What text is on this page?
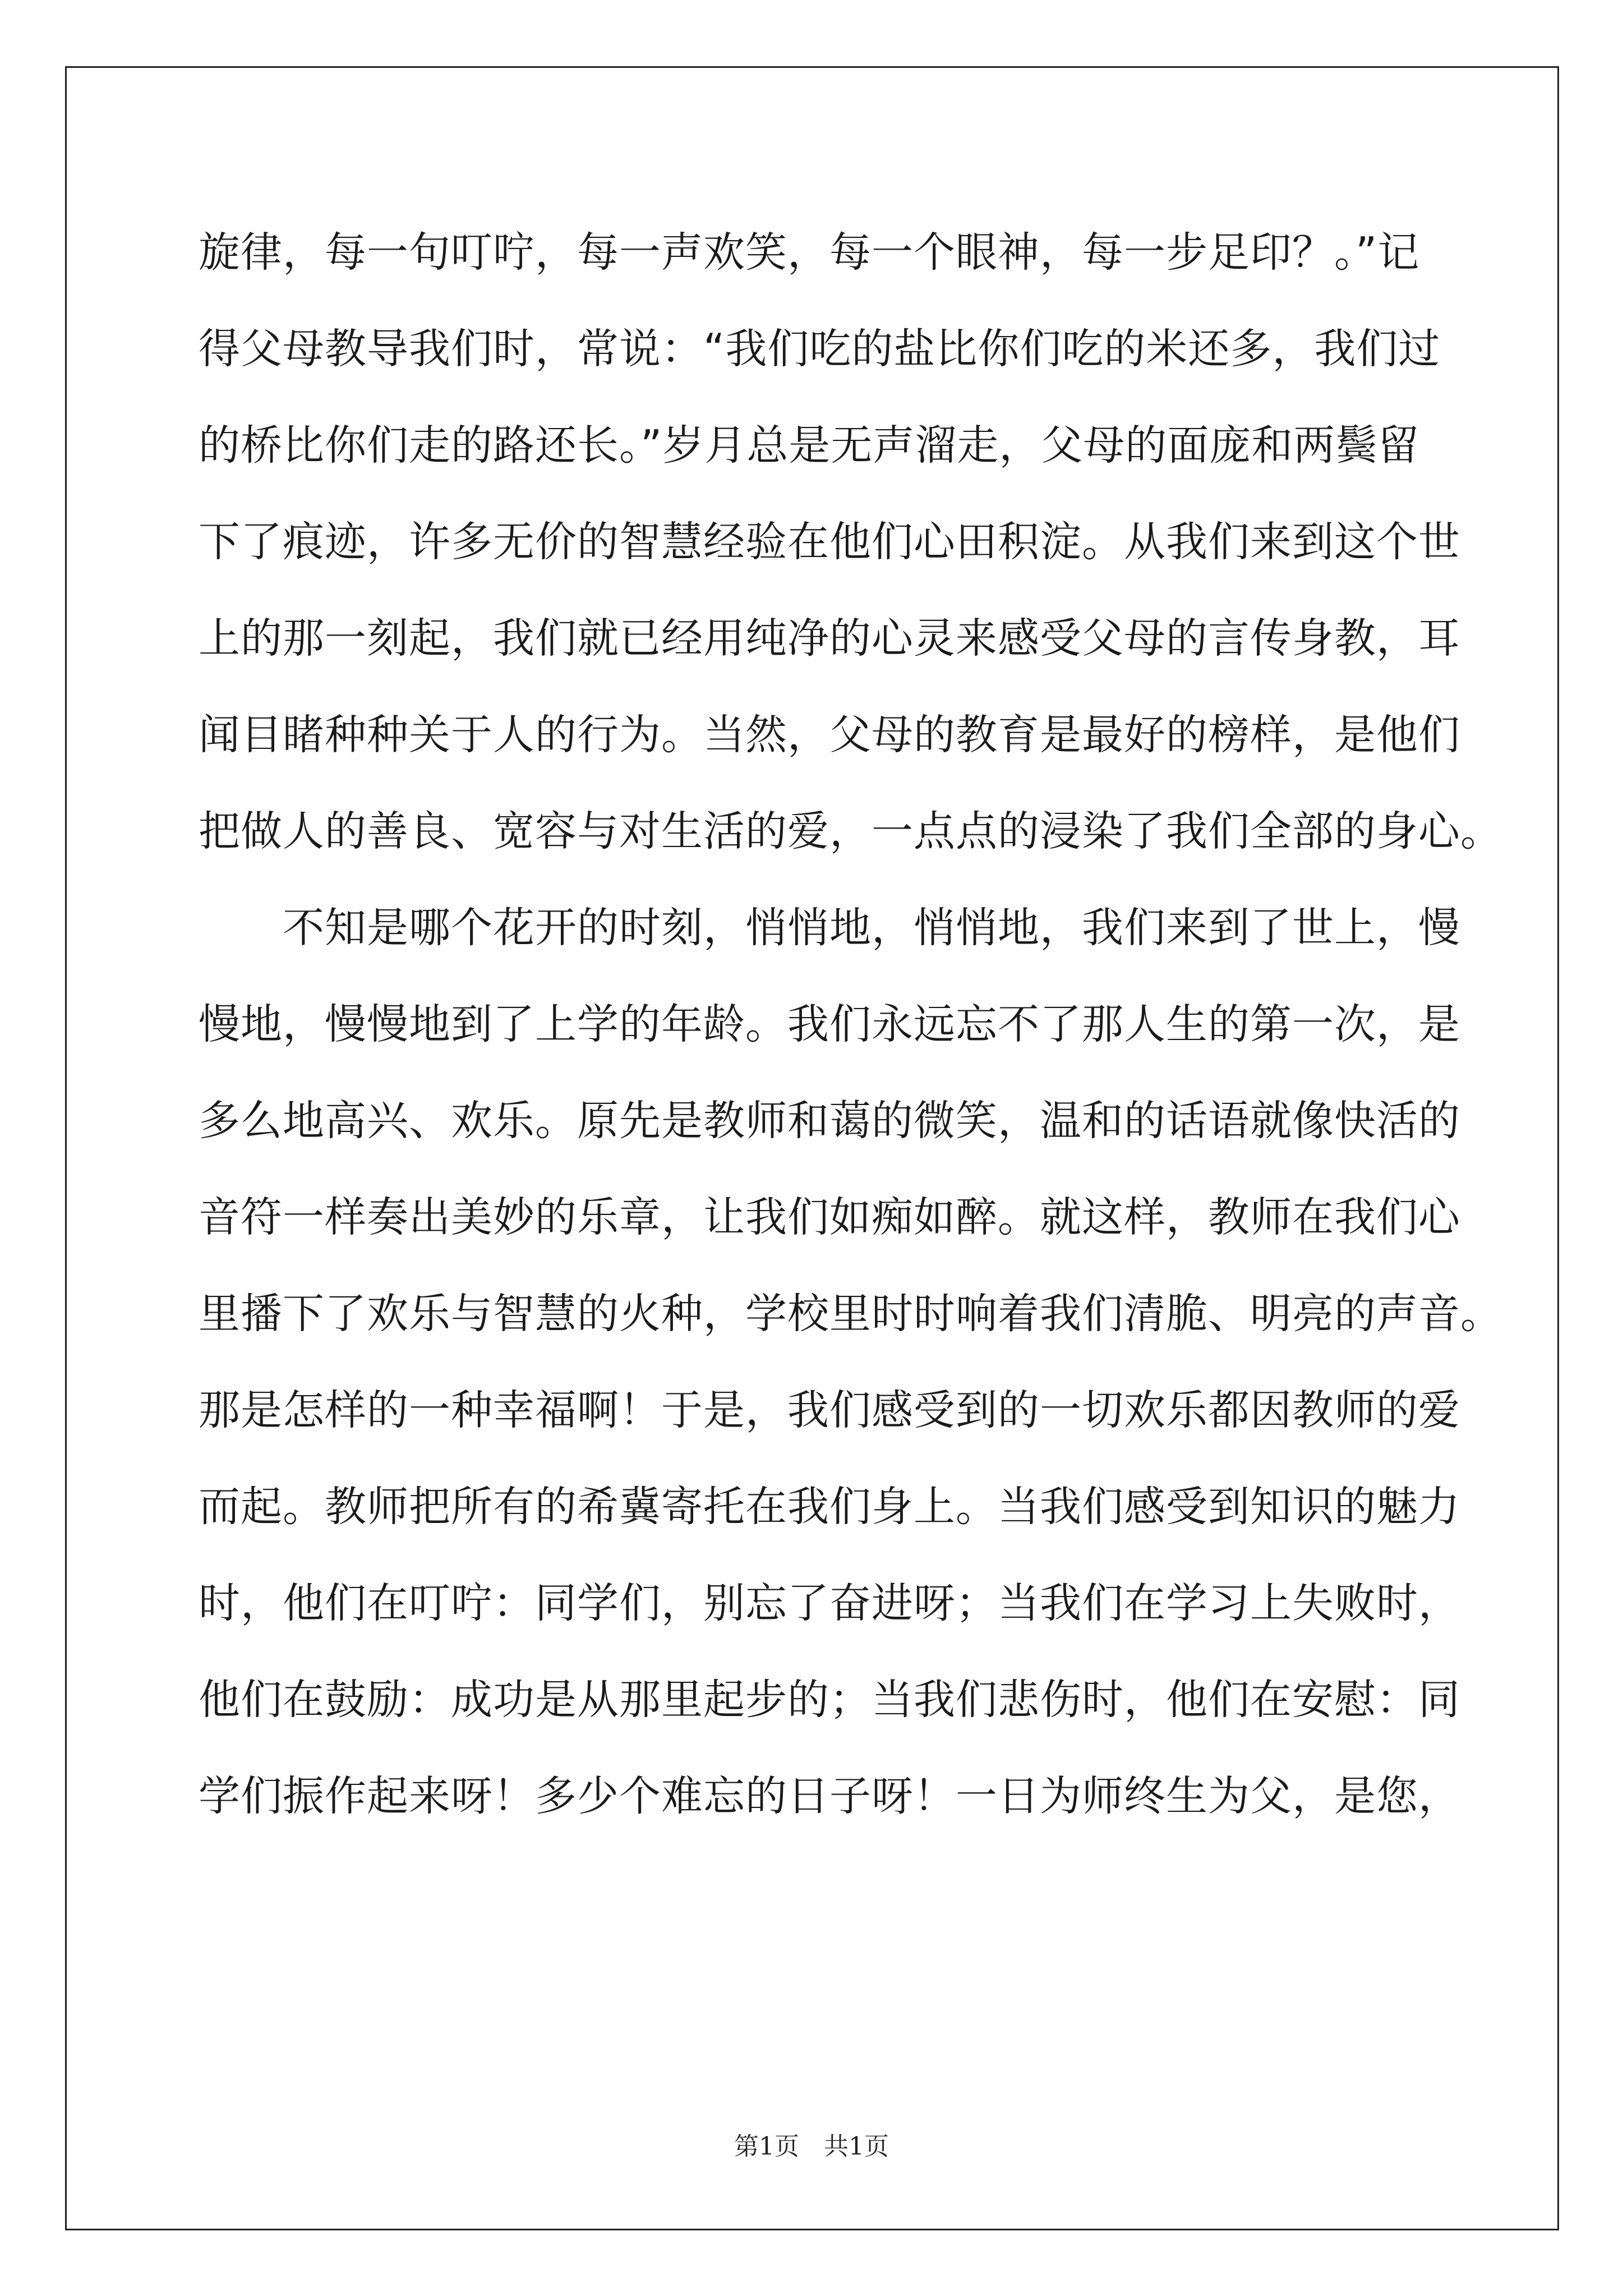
旋律，每一句叮咛，每一声欢笑，每一个眼神，每一步足印？。”记
得父母教导我们时，常说：“我们吃的盐比你们吃的米还多，我们过
的桥比你们走的路还长。”岁月总是无声溜走，父母的面庞和两鬓留
下了痕迹，许多无价的智慧经验在他们心田积淀。从我们来到这个世
上的那一刻起，我们就已经用纯净的心灵来感受父母的言传身教，耳
闻目睹种种关于人的行为。当然，父母的教育是最好的榜样，是他们
把做人的善良、宽容与对生活的爱，一点点的浸染了我们全部的身心。
　　不知是哪个花开的时刻，悄悄地，悄悄地，我们来到了世上，慢
慢地，慢慢地到了上学的年龄。我们永远忘不了那人生的第一次，是
多么地高兴、欢乐。原先是教师和蔼的微笑，温和的话语就像快活的
音符一样奏出美妙的乐章，让我们如痴如醉。就这样，教师在我们心
里播下了欢乐与智慧的火种，学校里时时响着我们清脆、明亮的声音。
那是怎样的一种幸福啊！于是，我们感受到的一切欢乐都因教师的爱
而起。教师把所有的希冀寄托在我们身上。当我们感受到知识的魅力
时，他们在叮咛：同学们，别忘了奋进呀；当我们在学习上失败时，
他们在鼓励：成功是从那里起步的；当我们悲伤时，他们在安慰：同
学们振作起来呀！多少个难忘的日子呀！一日为师终生为父，是您，
第1页　共1页
